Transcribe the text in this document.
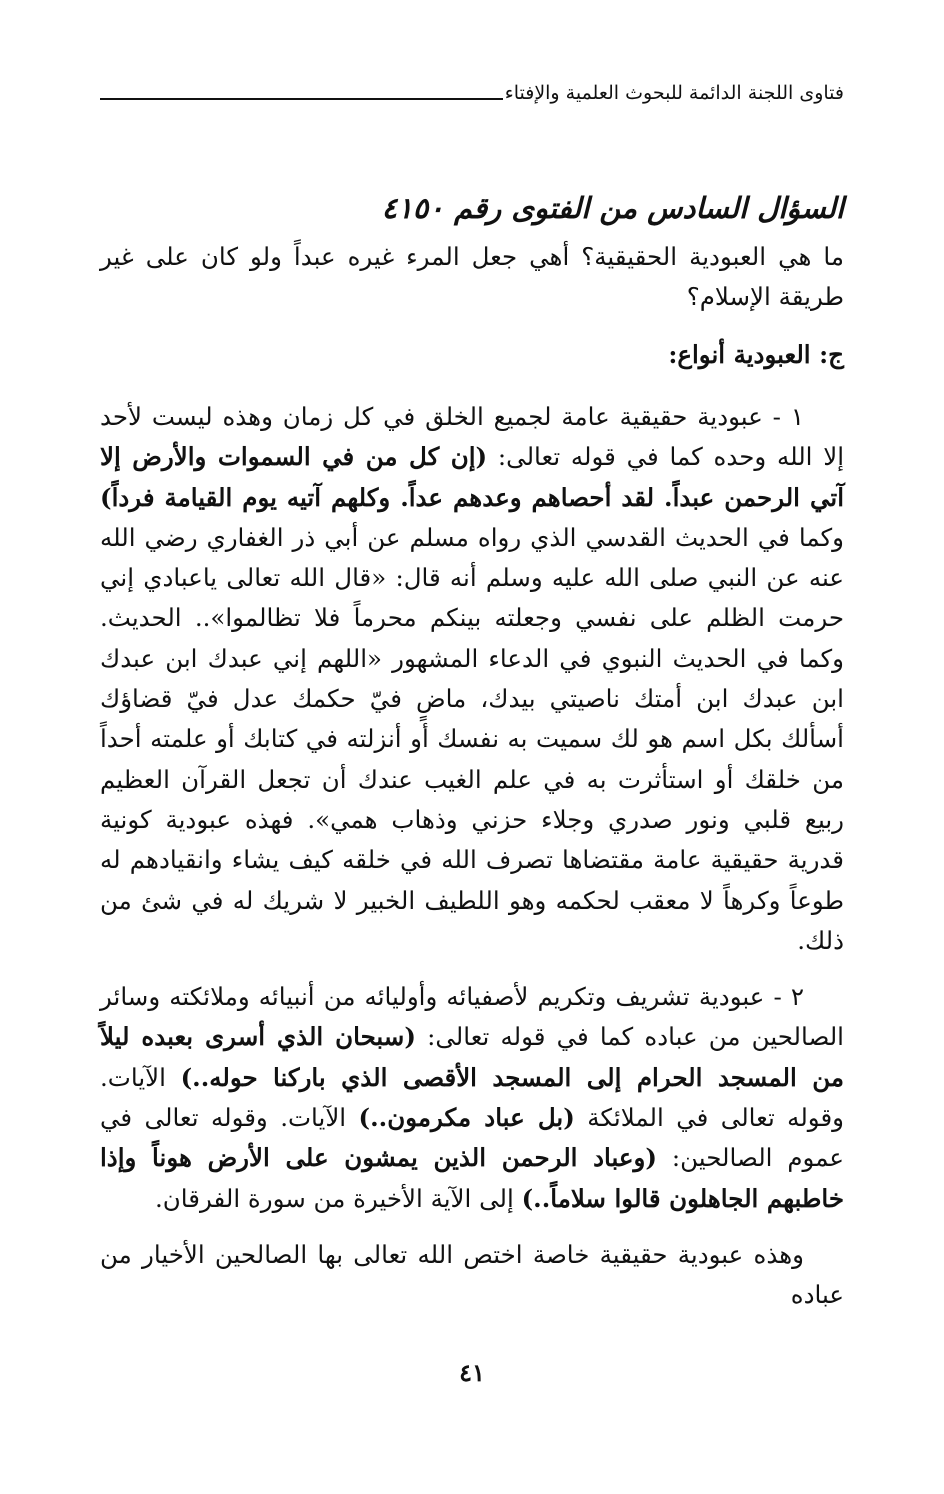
فتاوى اللجنة الدائمة للبحوث العلمية والإفتاء
السؤال السادس من الفتوى رقم ٤١٥٠

ما هي العبودية الحقيقية؟ أهي جعل المرء غيره عبداً ولو كان على غير طريقة الإسلام؟

ج: العبودية أنواع:

١ - عبودية حقيقية عامة لجميع الخلق في كل زمان وهذه ليست لأحد إلا الله وحده كما في قوله تعالى: (إن كل من في السموات والأرض إلا آتي الرحمن عبداً. لقد أحصاهم وعدهم عداً. وكلهم آتيه يوم القيامة فرداً) وكما في الحديث القدسي الذي رواه مسلم عن أبي ذر الغفاري رضي الله عنه عن النبي صلى الله عليه وسلم أنه قال: «قال الله تعالى ياعبادي إني حرمت الظلم على نفسي وجعلته بينكم محرماً فلا تظالموا».. الحديث. وكما في الحديث النبوي في الدعاء المشهور «اللهم إني عبدك ابن عبدك ابن عبدك ابن أمتك ناصيتي بيدك، ماضٍ فيّ حكمك عدل فيّ قضاؤك أسألك بكل اسم هو لك سميت به نفسك أو أنزلته في كتابك أو علمته أحداً من خلقك أو استأثرت به في علم الغيب عندك أن تجعل القرآن العظيم ربيع قلبي ونور صدري وجلاء حزني وذهاب همي». فهذه عبودية كونية قدرية حقيقية عامة مقتضاها تصرف الله في خلقه كيف يشاء وانقيادهم له طوعاً وكرهاً لا معقب لحكمه وهو اللطيف الخبير لا شريك له في شئ من ذلك.

٢ - عبودية تشريف وتكريم لأصفيائه وأوليائه من أنبيائه وملائكته وسائر الصالحين من عباده كما في قوله تعالى: (سبحان الذي أسرى بعبده ليلاً من المسجد الحرام إلى المسجد الأقصى الذي باركنا حوله..) الآيات. وقوله تعالى في الملائكة (بل عباد مكرمون..) الآيات. وقوله تعالى في عموم الصالحين: (وعباد الرحمن الذين يمشون على الأرض هوناً وإذا خاطبهم الجاهلون قالوا سلاماً..) إلى الآية الأخيرة من سورة الفرقان.

وهذه عبودية حقيقية خاصة اختص الله تعالى بها الصالحين الأخيار من عباده

٤١
